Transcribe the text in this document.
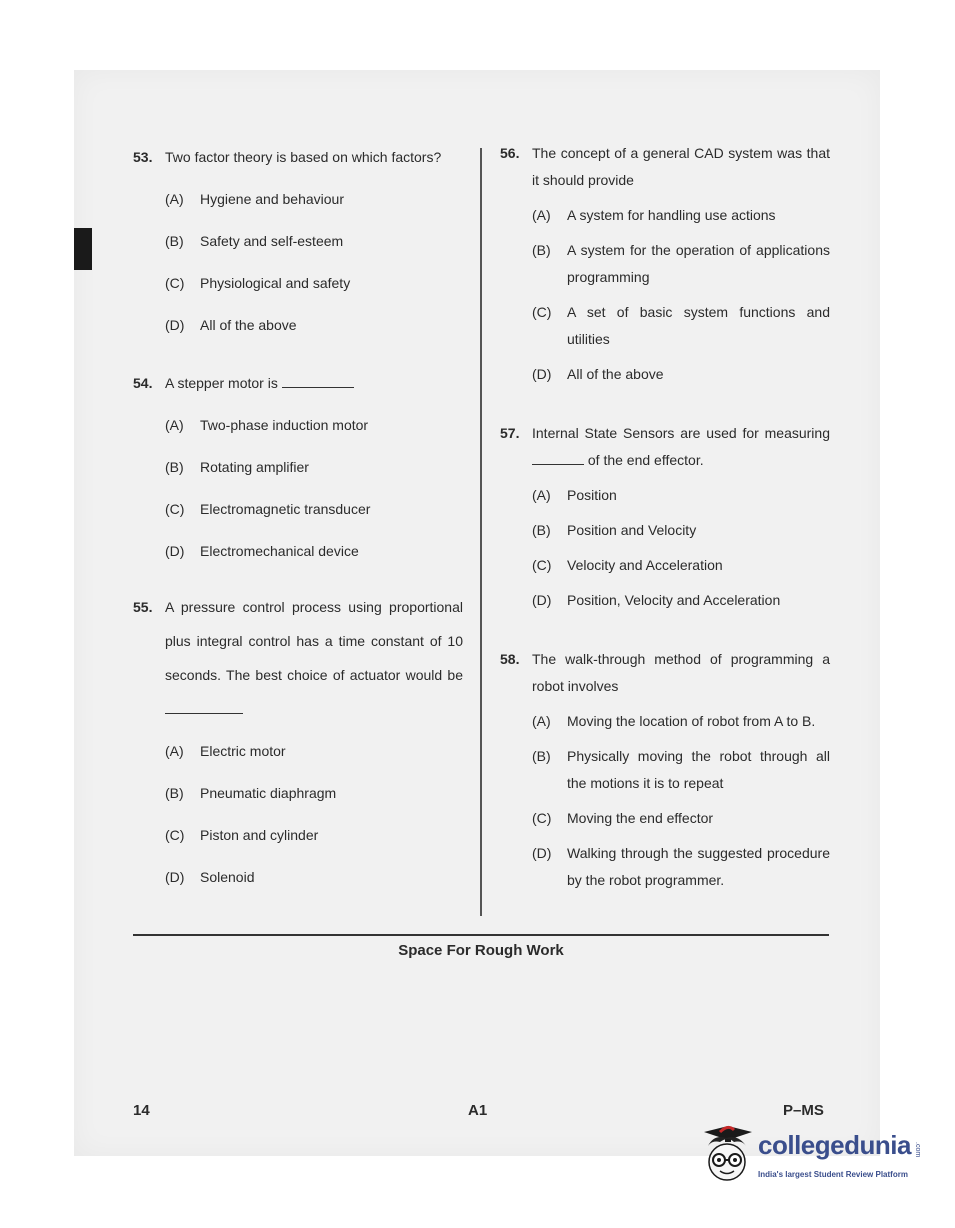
53. Two factor theory is based on which factors?
(A) Hygiene and behaviour
(B) Safety and self-esteem
(C) Physiological and safety
(D) All of the above
54. A stepper motor is
(A) Two-phase induction motor
(B) Rotating amplifier
(C) Electromagnetic transducer
(D) Electromechanical device
55. A pressure control process using proportional plus integral control has a time constant of 10 seconds. The best choice of actuator would be
(A) Electric motor
(B) Pneumatic diaphragm
(C) Piston and cylinder
(D) Solenoid
56. The concept of a general CAD system was that it should provide
(A) A system for handling use actions
(B) A system for the operation of applications programming
(C) A set of basic system functions and utilities
(D) All of the above
57. Internal State Sensors are used for measuring  of the end effector.
(A) Position
(B) Position and Velocity
(C) Velocity and Acceleration
(D) Position, Velocity and Acceleration
58. The walk-through method of programming a robot involves
(A) Moving the location of robot from A to B.
(B) Physically moving the robot through all the motions it is to repeat
(C) Moving the end effector
(D) Walking through the suggested procedure by the robot programmer.
Space For Rough Work
14	A1	P–MS
collegedunia .com
India's largest Student Review Platform
